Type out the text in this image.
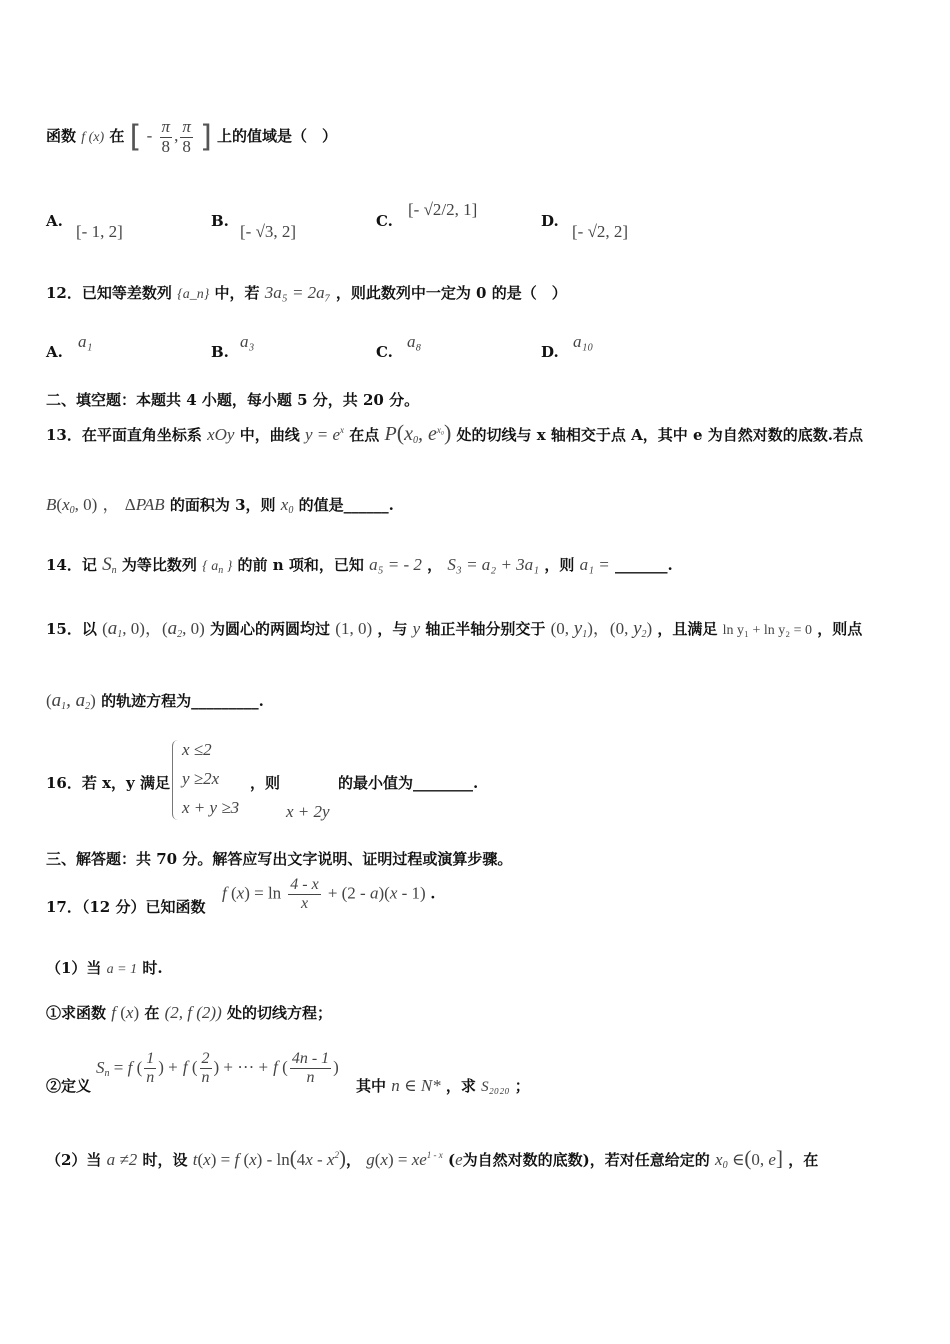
函数 f (x) 在 [ - $\frac{\pi}{8}$ , $\frac{\pi}{8}$ ] 上的值域是（　）
A.
[- 1, 2]
B.
[- √3, 2]
C.
[- √2/2, 1]
D.
[- √2, 2]
12．已知等差数列 {a_n} 中，若 3a₅ = 2a₇ ，则此数列中一定为 0 的是（　）
A.
a₁
B.
a₃
C.
a₈
D.
a₁₀
二、填空题：本题共 4 小题，每小题 5 分，共 20 分。
13．在平面直角坐标系 xOy 中，曲线 $y = e^x$ 在点 $P(x_0$, $e^{x_0}$) 处的切线与 x 轴相交于点 A，其中 e 为自然对数的底数.若点
$B(x_0$, 0) ， ΔPAB 的面积为 3，则 $x_0$ 的值是______.
14．记 $S_n$ 为等比数列 { $a_n$ } 的前 n 项和，已知 a₅ = - 2 ， S₃ = a₂ + 3a₁ ，则 a₁ = _______.
15．以 ($a_1$, 0)，($a_2$, 0) 为圆心的两圆均过 (1, 0) ，与 y 轴正半轴分别交于 (0, $y_1$)，(0, $y_2$) ，且满足 ln y₁ + ln y₂ = 0 ，则点
($a_1$, $a_2$) 的轨迹方程为_________.
16．若 x，y 满足
x ≤2
y ≥2x
x + y ≥3
，则
x + 2y
的最小值为________.
三、解答题：共 70 分。解答应写出文字说明、证明过程或演算步骤。
17．（12 分）已知函数
f $(x) = \ln \frac{4 - x}{x} + (2 - a)(x - 1)$ .
（1）当 a = 1 时.
①求函数 f (x) 在 (2, f (2)) 处的切线方程；
②定义
$S_n = f$ ( $\frac{1}{n}$ ) + f ( $\frac{2}{n}$ ) + ··· + f ( $\frac{4n - 1}{n}$ )
其中 n ∈ N* ，求 S₂₀₂₀ ；
（2）当 a ≠2 时，设 t(x) = f $(x) - \ln(4x - x^2)$， $g(x) = xe^{1 - x}$ (e为自然对数的底数)，若对任意给定的 $x_0$ ∈(0, e] ，在
